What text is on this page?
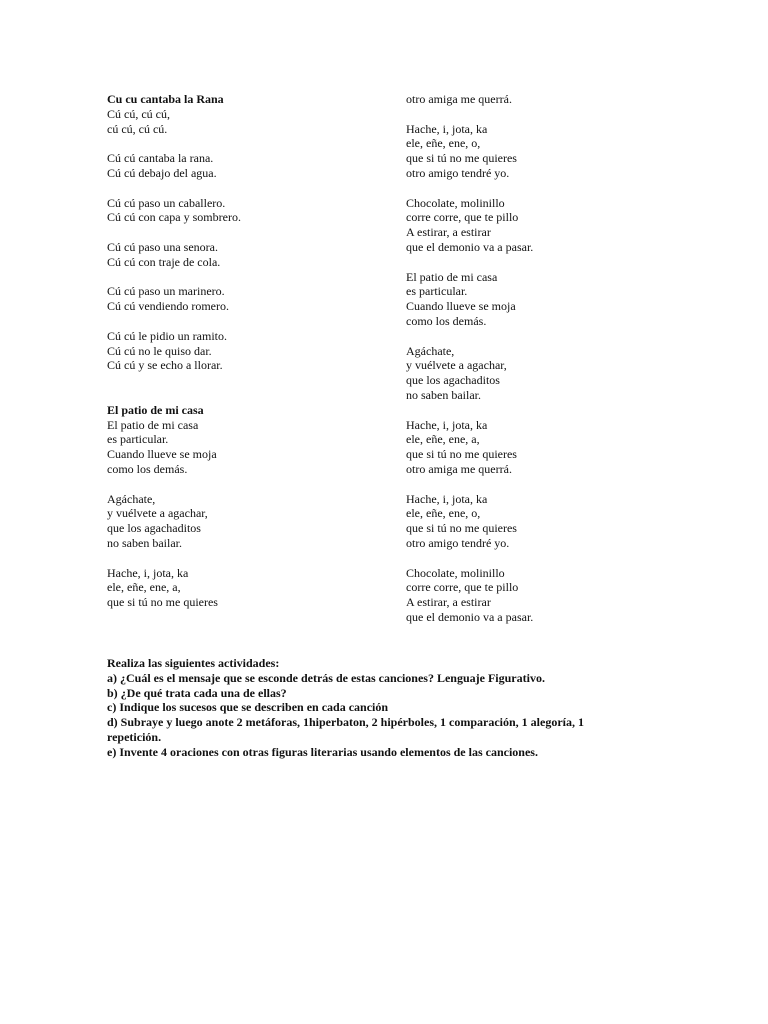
Cu cu cantaba la Rana
Cú cú, cú cú,
cú cú, cú cú.
Cú cú cantaba la rana.
Cú cú debajo del agua.
Cú cú paso un caballero.
Cú cú con capa y sombrero.
Cú cú paso una senora.
Cú cú con traje de cola.
Cú cú paso un marinero.
Cú cú vendiendo romero.
Cú cú le pidio un ramito.
Cú cú no le quiso dar.
Cú cú y se echo a llorar.
El patio de mi casa
El patio de mi casa
es particular.
Cuando llueve se moja
como los demás.
Agáchate,
y vuélvete a agachar,
que los agachaditos
no saben bailar.
Hache, i, jota, ka
ele, eñe, ene, a,
que si tú no me quieres
otro amiga me querrá.
Hache, i, jota, ka
ele, eñe, ene, o,
que si tú no me quieres
otro amigo tendré yo.
Chocolate, molinillo
corre corre, que te pillo
A estirar, a estirar
que el demonio va a pasar.
El patio de mi casa
es particular.
Cuando llueve se moja
como los demás.
Agáchate,
y vuélvete a agachar,
que los agachaditos
no saben bailar.
Hache, i, jota, ka
ele, eñe, ene, a,
que si tú no me quieres
otro amiga me querrá.
Hache, i, jota, ka
ele, eñe, ene, o,
que si tú no me quieres
otro amigo tendré yo.
Chocolate, molinillo
corre corre, que te pillo
A estirar, a estirar
que el demonio va a pasar.
Realiza las siguientes actividades:
a) ¿Cuál es el mensaje que se esconde detrás de estas canciones? Lenguaje Figurativo.
b) ¿De qué trata cada una de ellas?
c) Indique los sucesos que se describen en cada canción
d) Subraye y luego anote 2 metáforas, 1hiperbaton, 2 hipérboles, 1 comparación, 1 alegoría, 1 repetición.
e) Invente 4 oraciones con otras figuras literarias usando elementos de las canciones.
